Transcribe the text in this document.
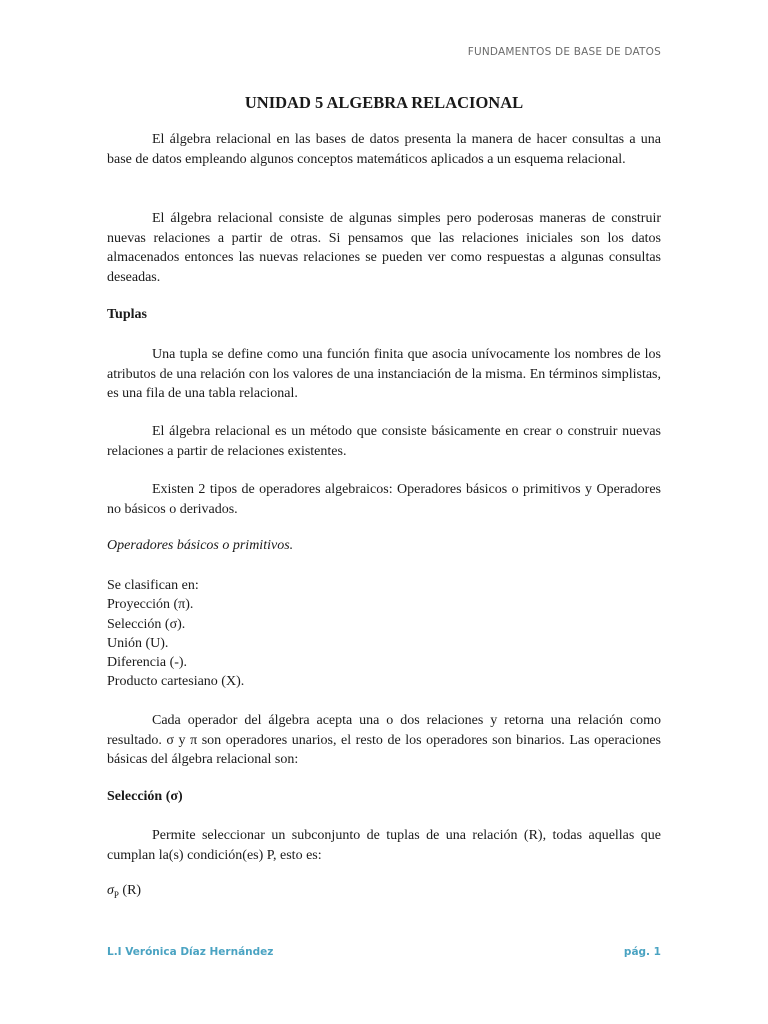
FUNDAMENTOS DE BASE DE DATOS
UNIDAD 5 ALGEBRA RELACIONAL
El álgebra relacional en las bases de datos presenta la manera de hacer consultas a una base de datos empleando algunos conceptos matemáticos aplicados a un esquema relacional.
El álgebra relacional consiste de algunas simples pero poderosas maneras de construir nuevas relaciones a partir de otras. Si pensamos que las relaciones iniciales son los datos almacenados entonces las nuevas relaciones se pueden ver como respuestas a algunas consultas deseadas.
Tuplas
Una tupla se define como una función finita que asocia unívocamente los nombres de los atributos de una relación con los valores de una instanciación de la misma. En términos simplistas, es una fila de una tabla relacional.
El álgebra relacional es un método que consiste básicamente en crear o construir nuevas relaciones a partir de relaciones existentes.
Existen 2 tipos de operadores algebraicos: Operadores básicos o primitivos y Operadores no básicos o derivados.
Operadores básicos o primitivos.
Se clasifican en:
Proyección (π).
Selección (σ).
Unión (U).
Diferencia (-).
Producto cartesiano (X).
Cada operador del álgebra acepta una o dos relaciones y retorna una relación como resultado. σ y π son operadores unarios, el resto de los operadores son binarios. Las operaciones básicas del álgebra relacional son:
Selección (σ)
Permite seleccionar un subconjunto de tuplas de una relación (R), todas aquellas que cumplan la(s) condición(es) P, esto es:
$\sigma_P$ (R)
L.I Verónica Díaz Hernández	pág. 1
